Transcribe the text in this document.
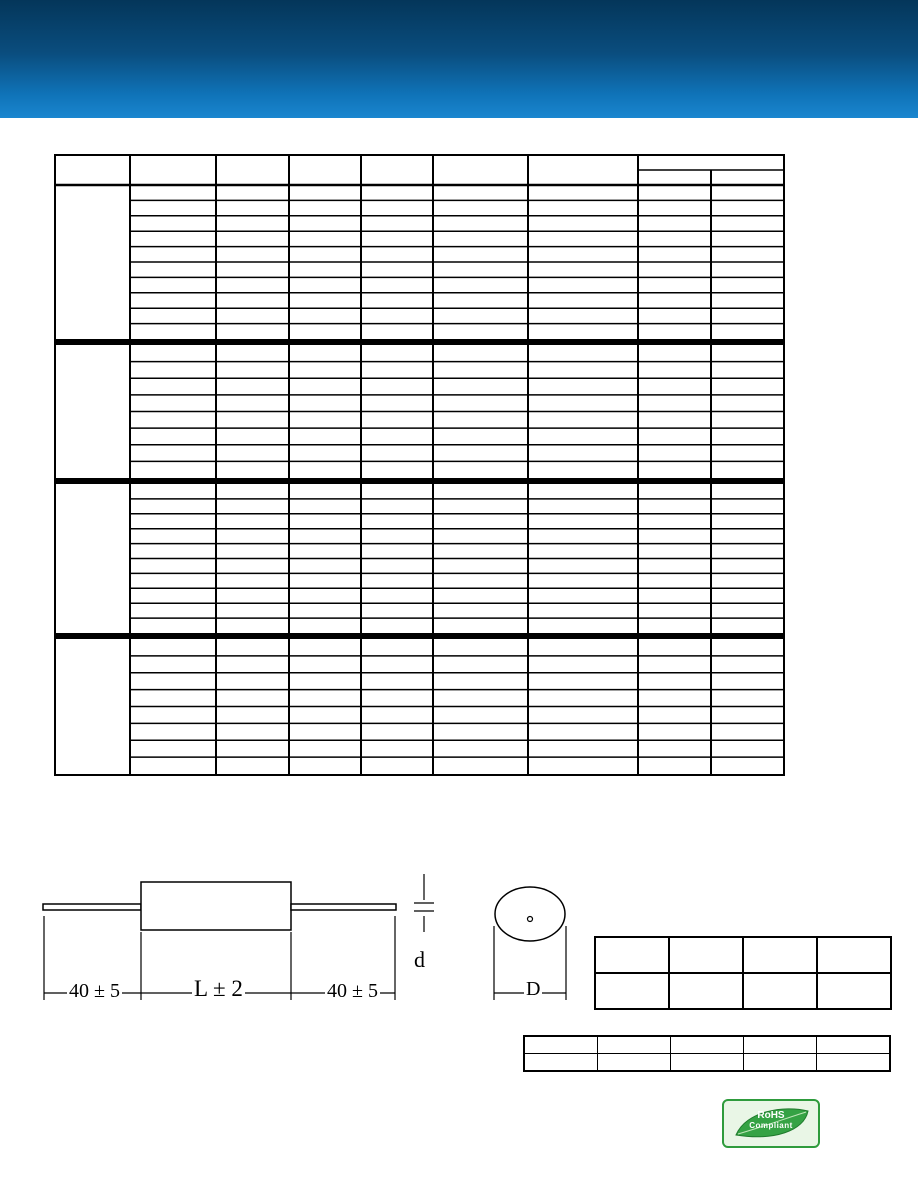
40 ± 5	L ± 2	40 ± 5
d
D

RoHS
Compliant
